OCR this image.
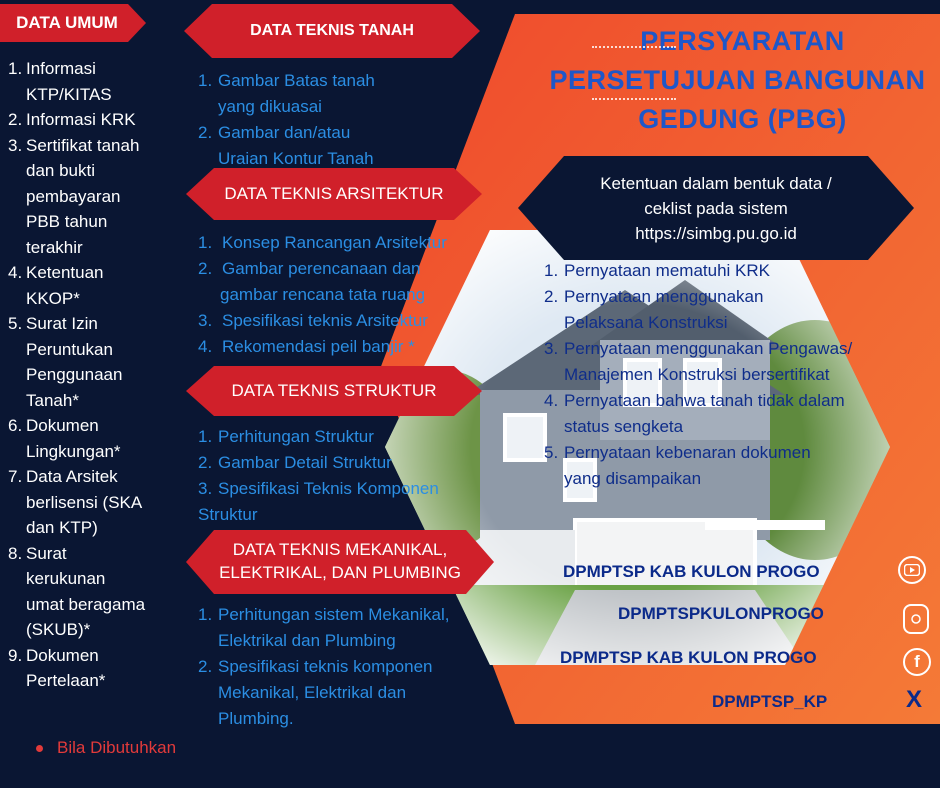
DATA UMUM
1. Informasi
KTP/KITAS
2. Informasi KRK
3. Sertifikat tanah
dan bukti
pembayaran
PBB tahun
terakhir
4. Ketentuan
KKOP*
5. Surat Izin
Peruntukan
Penggunaan
Tanah*
6. Dokumen
Lingkungan*
7. Data Arsitek
berlisensi (SKA
dan KTP)
8. Surat
kerukunan
umat beragama
(SKUB)*
9. Dokumen
Pertelaan*
DATA TEKNIS TANAH
1. Gambar Batas tanah
yang dikuasai
2. Gambar dan/atau
Uraian Kontur Tanah
DATA TEKNIS ARSITEKTUR
1. Konsep Rancangan Arsitektur
2. Gambar perencanaan dan
gambar rencana tata ruang
3. Spesifikasi teknis Arsitektur
4. Rekomendasi peil banjir *
DATA TEKNIS STRUKTUR
1. Perhitungan Struktur
2. Gambar Detail Struktur
3. Spesifikasi Teknis Komponen
Struktur
DATA TEKNIS MEKANIKAL,
ELEKTRIKAL, DAN PLUMBING
1. Perhitungan sistem Mekanikal,
Elektrikal dan Plumbing
2. Spesifikasi teknis komponen
Mekanikal, Elektrikal dan
Plumbing.
PERSYARATAN
PERSETUJUAN BANGUNAN
GEDUNG (PBG)
Ketentuan dalam bentuk data /
ceklist pada sistem
https://simbg.pu.go.id
1. Pernyataan mematuhi KRK
2. Pernyataan menggunakan
Pelaksana Konstruksi
3. Pernyataan menggunakan Pengawas/
Manajemen Konstruksi bersertifikat
4. Pernyataan bahwa tanah tidak dalam
status sengketa
5. Pernyataan kebenaran dokumen
yang disampaikan
DPMPTSP KAB KULON PROGO
DPMPTSPKULONPROGO
DPMPTSP KAB KULON PROGO
DPMPTSP_KP
f
X
Bila Dibutuhkan
